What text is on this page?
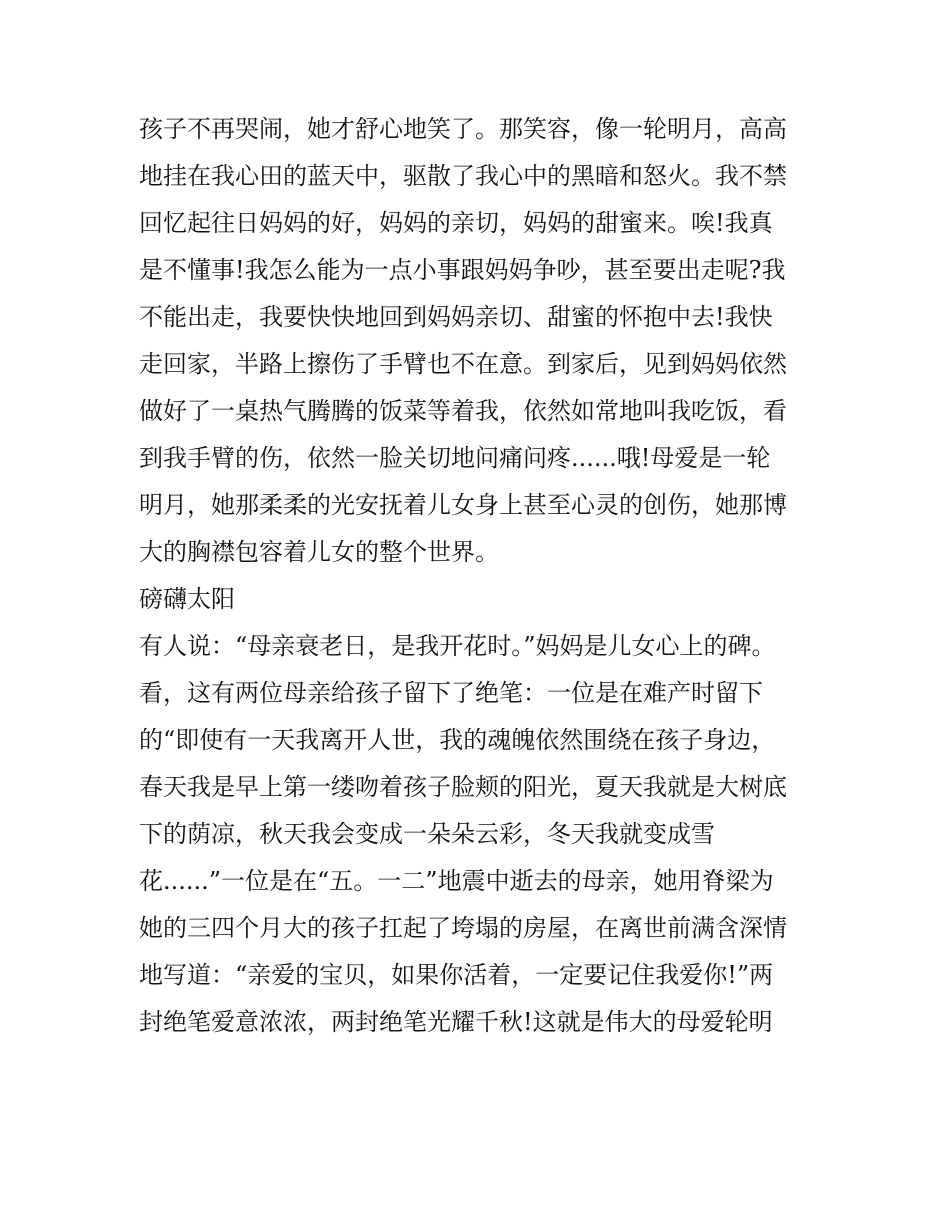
孩子不再哭闹，她才舒心地笑了。那笑容，像一轮明月，高高
地挂在我心田的蓝天中，驱散了我心中的黑暗和怒火。我不禁
回忆起往日妈妈的好，妈妈的亲切，妈妈的甜蜜来。唉!我真
是不懂事!我怎么能为一点小事跟妈妈争吵，甚至要出走呢?我
不能出走，我要快快地回到妈妈亲切、甜蜜的怀抱中去!我快
走回家，半路上擦伤了手臂也不在意。到家后，见到妈妈依然
做好了一桌热气腾腾的饭菜等着我，依然如常地叫我吃饭，看
到我手臂的伤，依然一脸关切地问痛问疼......哦!母爱是一轮
明月，她那柔柔的光安抚着儿女身上甚至心灵的创伤，她那博
大的胸襟包容着儿女的整个世界。
磅礴太阳
有人说：“母亲衰老日，是我开花时。”妈妈是儿女心上的碑。
看，这有两位母亲给孩子留下了绝笔：一位是在难产时留下
的“即使有一天我离开人世，我的魂魄依然围绕在孩子身边，
春天我是早上第一缕吻着孩子脸颊的阳光，夏天我就是大树底
下的荫凉，秋天我会变成一朵朵云彩，冬天我就变成雪
花......”一位是在“五。一二”地震中逝去的母亲，她用脊梁为
她的三四个月大的孩子扛起了垮塌的房屋，在离世前满含深情
地写道：“亲爱的宝贝，如果你活着，一定要记住我爱你!”两
封绝笔爱意浓浓，两封绝笔光耀千秋!这就是伟大的母爱轮明
